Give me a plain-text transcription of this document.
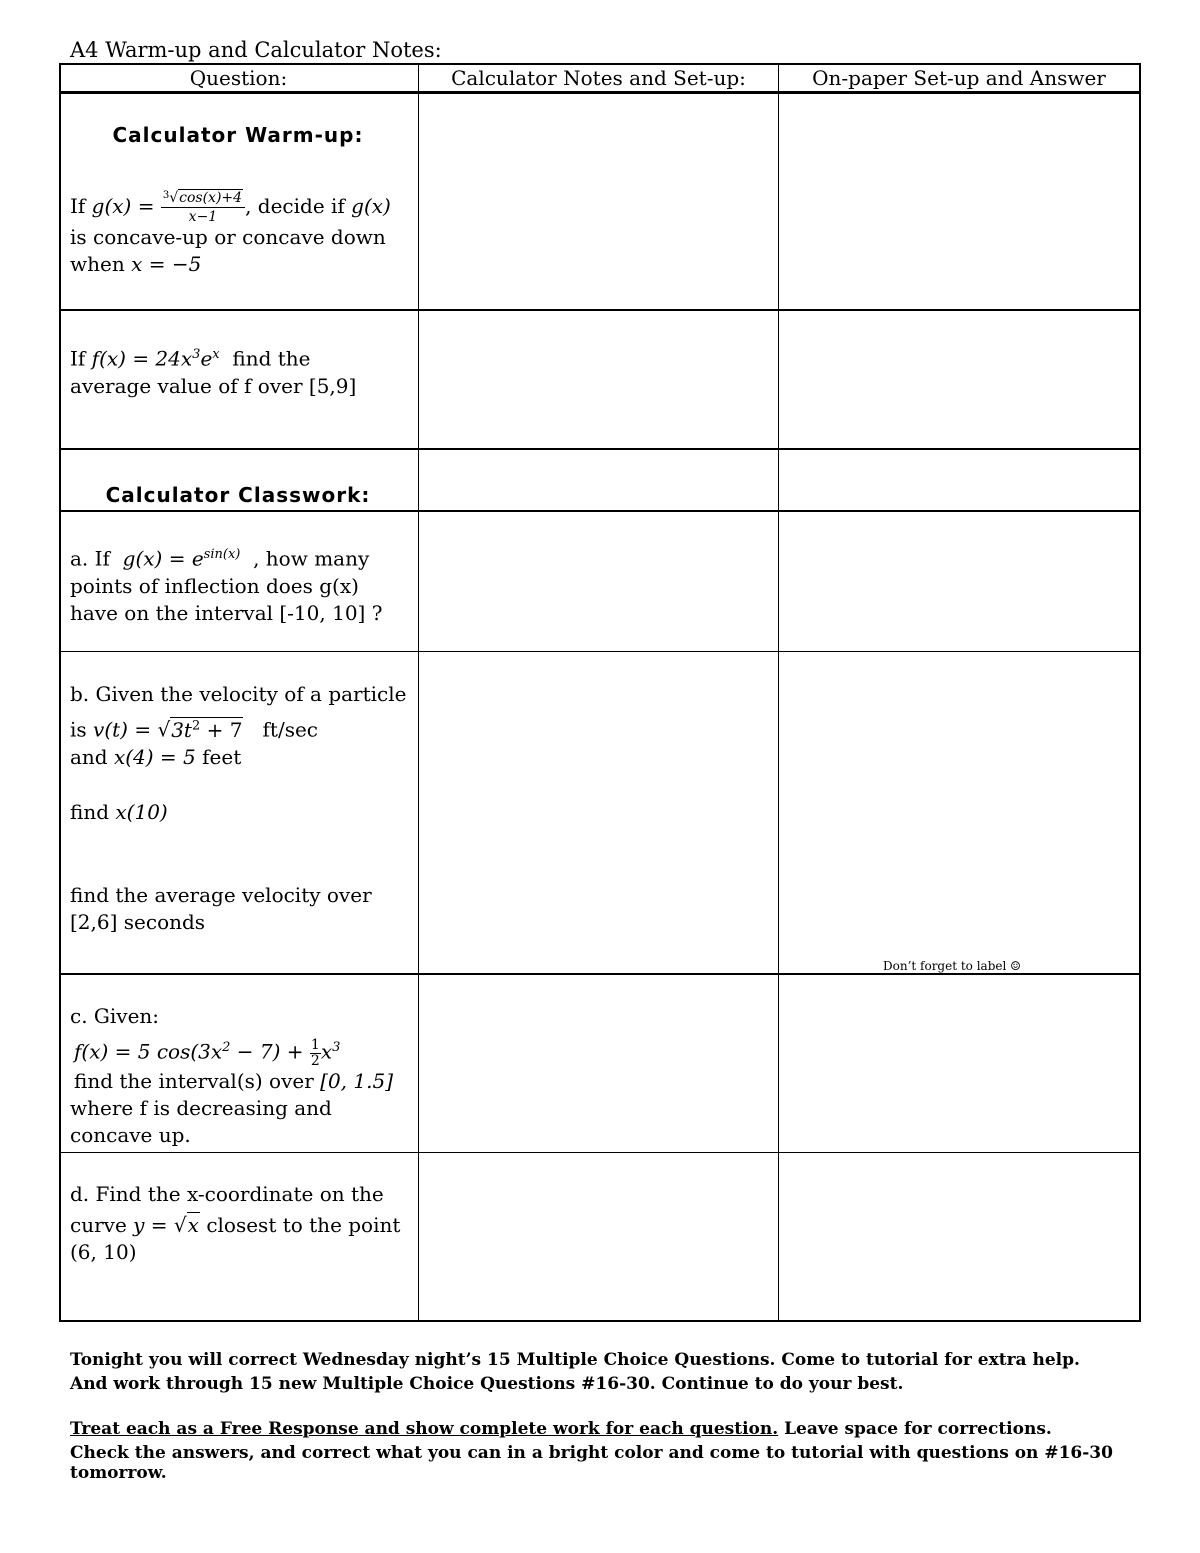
A4 Warm-up and Calculator Notes:
Question:	Calculator Notes and Set-up:	On-paper Set-up and Answer
Calculator Warm-up:
If $g(x) = \frac{^3√\cos(x)+4}{x-1}$ , decide if g(x)
is concave-up or concave down
when x = −5
If $f(x) = 24x^3e^x$ find the
average value of f over [5,9]
Calculator Classwork:
a. If $g(x) = e^{sin(x)}$ , how many
points of inflection does g(x)
have on the interval [-10, 10] ?
b. Given the velocity of a particle
is $v(t) = √3t^2 + 7$ ft/sec
and x(4) = 5 feet
find x(10)
find the average velocity over
[2,6] seconds
Don’t forget to label ☺
c. Given:
f(x) = 5 $\cos(3x^2 - 7) + \frac{1}{2} x^3$
find the interval(s) over [0, 1.5]
where f is decreasing and
concave up.
d. Find the x-coordinate on the
curve y = √x closest to the point
(6, 10)
Tonight you will correct Wednesday night’s 15 Multiple Choice Questions. Come to tutorial for extra help.
And work through 15 new Multiple Choice Questions #16-30. Continue to do your best.
Treat each as a Free Response and show complete work for each question. Leave space for corrections.
Check the answers, and correct what you can in a bright color and come to tutorial with questions on #16-30 tomorrow.
